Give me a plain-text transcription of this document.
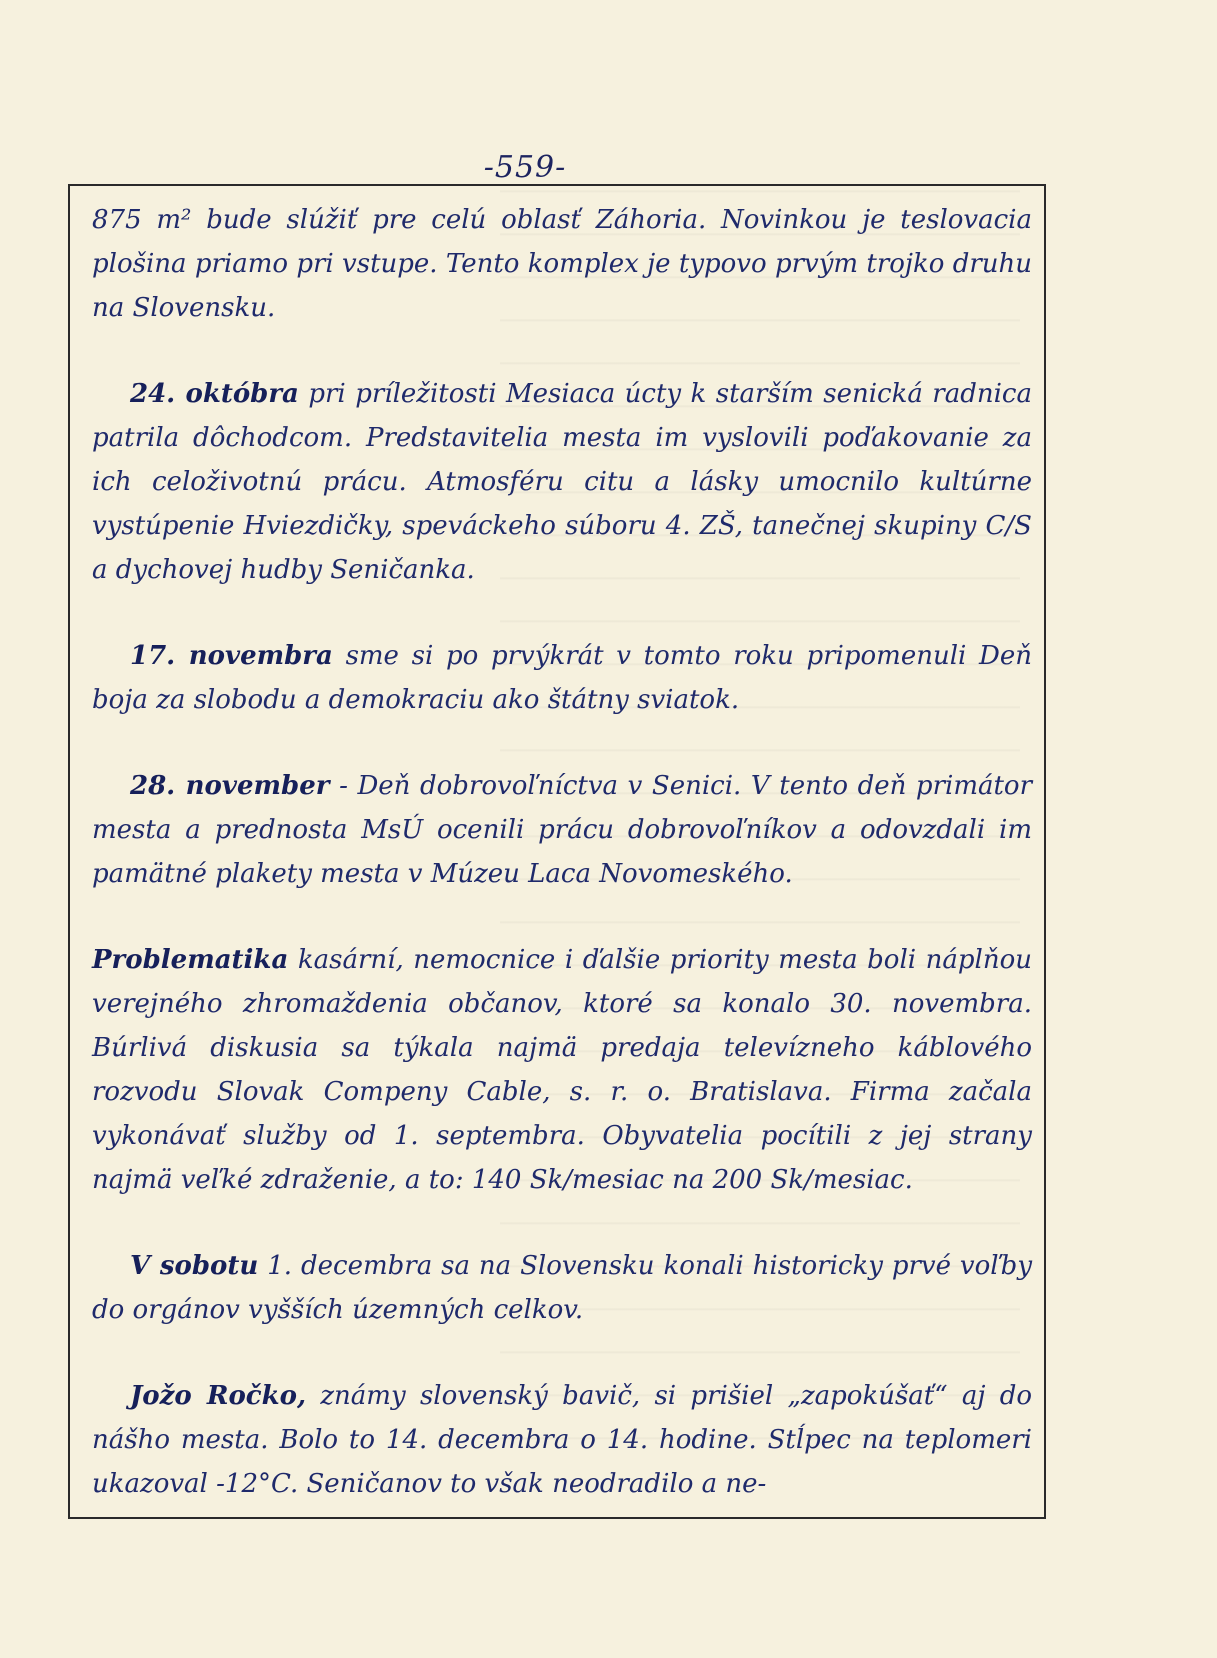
-559-

875 m² bude slúžiť pre celú oblasť Záhoria. Novinkou je teslovacia plošina priamo pri vstupe. Tento komplex je typovo prvým trojko druhu na Slovensku.

24. októbra pri príležitosti Mesiaca úcty k starším senická radnica patrila dôchodcom. Predstavitelia mesta im vyslovili poďakovanie za ich celoživotnú prácu. Atmosféru citu a lásky umocnilo kultúrne vystúpenie Hviezdičky, speváckeho súboru 4. ZŠ, tanečnej skupiny C/S a dychovej hudby Seničanka.

17. novembra sme si po prvýkrát v tomto roku pripomenuli Deň boja za slobodu a demokraciu ako štátny sviatok.

28. november - Deň dobrovoľníctva v Senici. V tento deň primátor mesta a prednosta MsÚ ocenili prácu dobrovoľníkov a odovzdali im pamätné plakety mesta v Múzeu Laca Novomeského.

Problematika kasární, nemocnice i ďalšie priority mesta boli náplňou verejného zhromaždenia občanov, ktoré sa konalo 30. novembra. Búrlivá diskusia sa týkala najmä predaja televízneho káblového rozvodu Slovak Compeny Cable, s. r. o. Bratislava. Firma začala vykonávať služby od 1. septembra. Obyvatelia pocítili z jej strany najmä veľké zdraženie, a to: 140 Sk/mesiac na 200 Sk/mesiac.

V sobotu 1. decembra sa na Slovensku konali historicky prvé voľby do orgánov vyšších územných celkov.

Jožo Ročko, známy slovenský bavič, si prišiel „zapokúšať“ aj do nášho mesta. Bolo to 14. decembra o 14. hodine. Stĺpec na teplomeri ukazoval -12°C. Seničanov to však neodradilo a ne-
